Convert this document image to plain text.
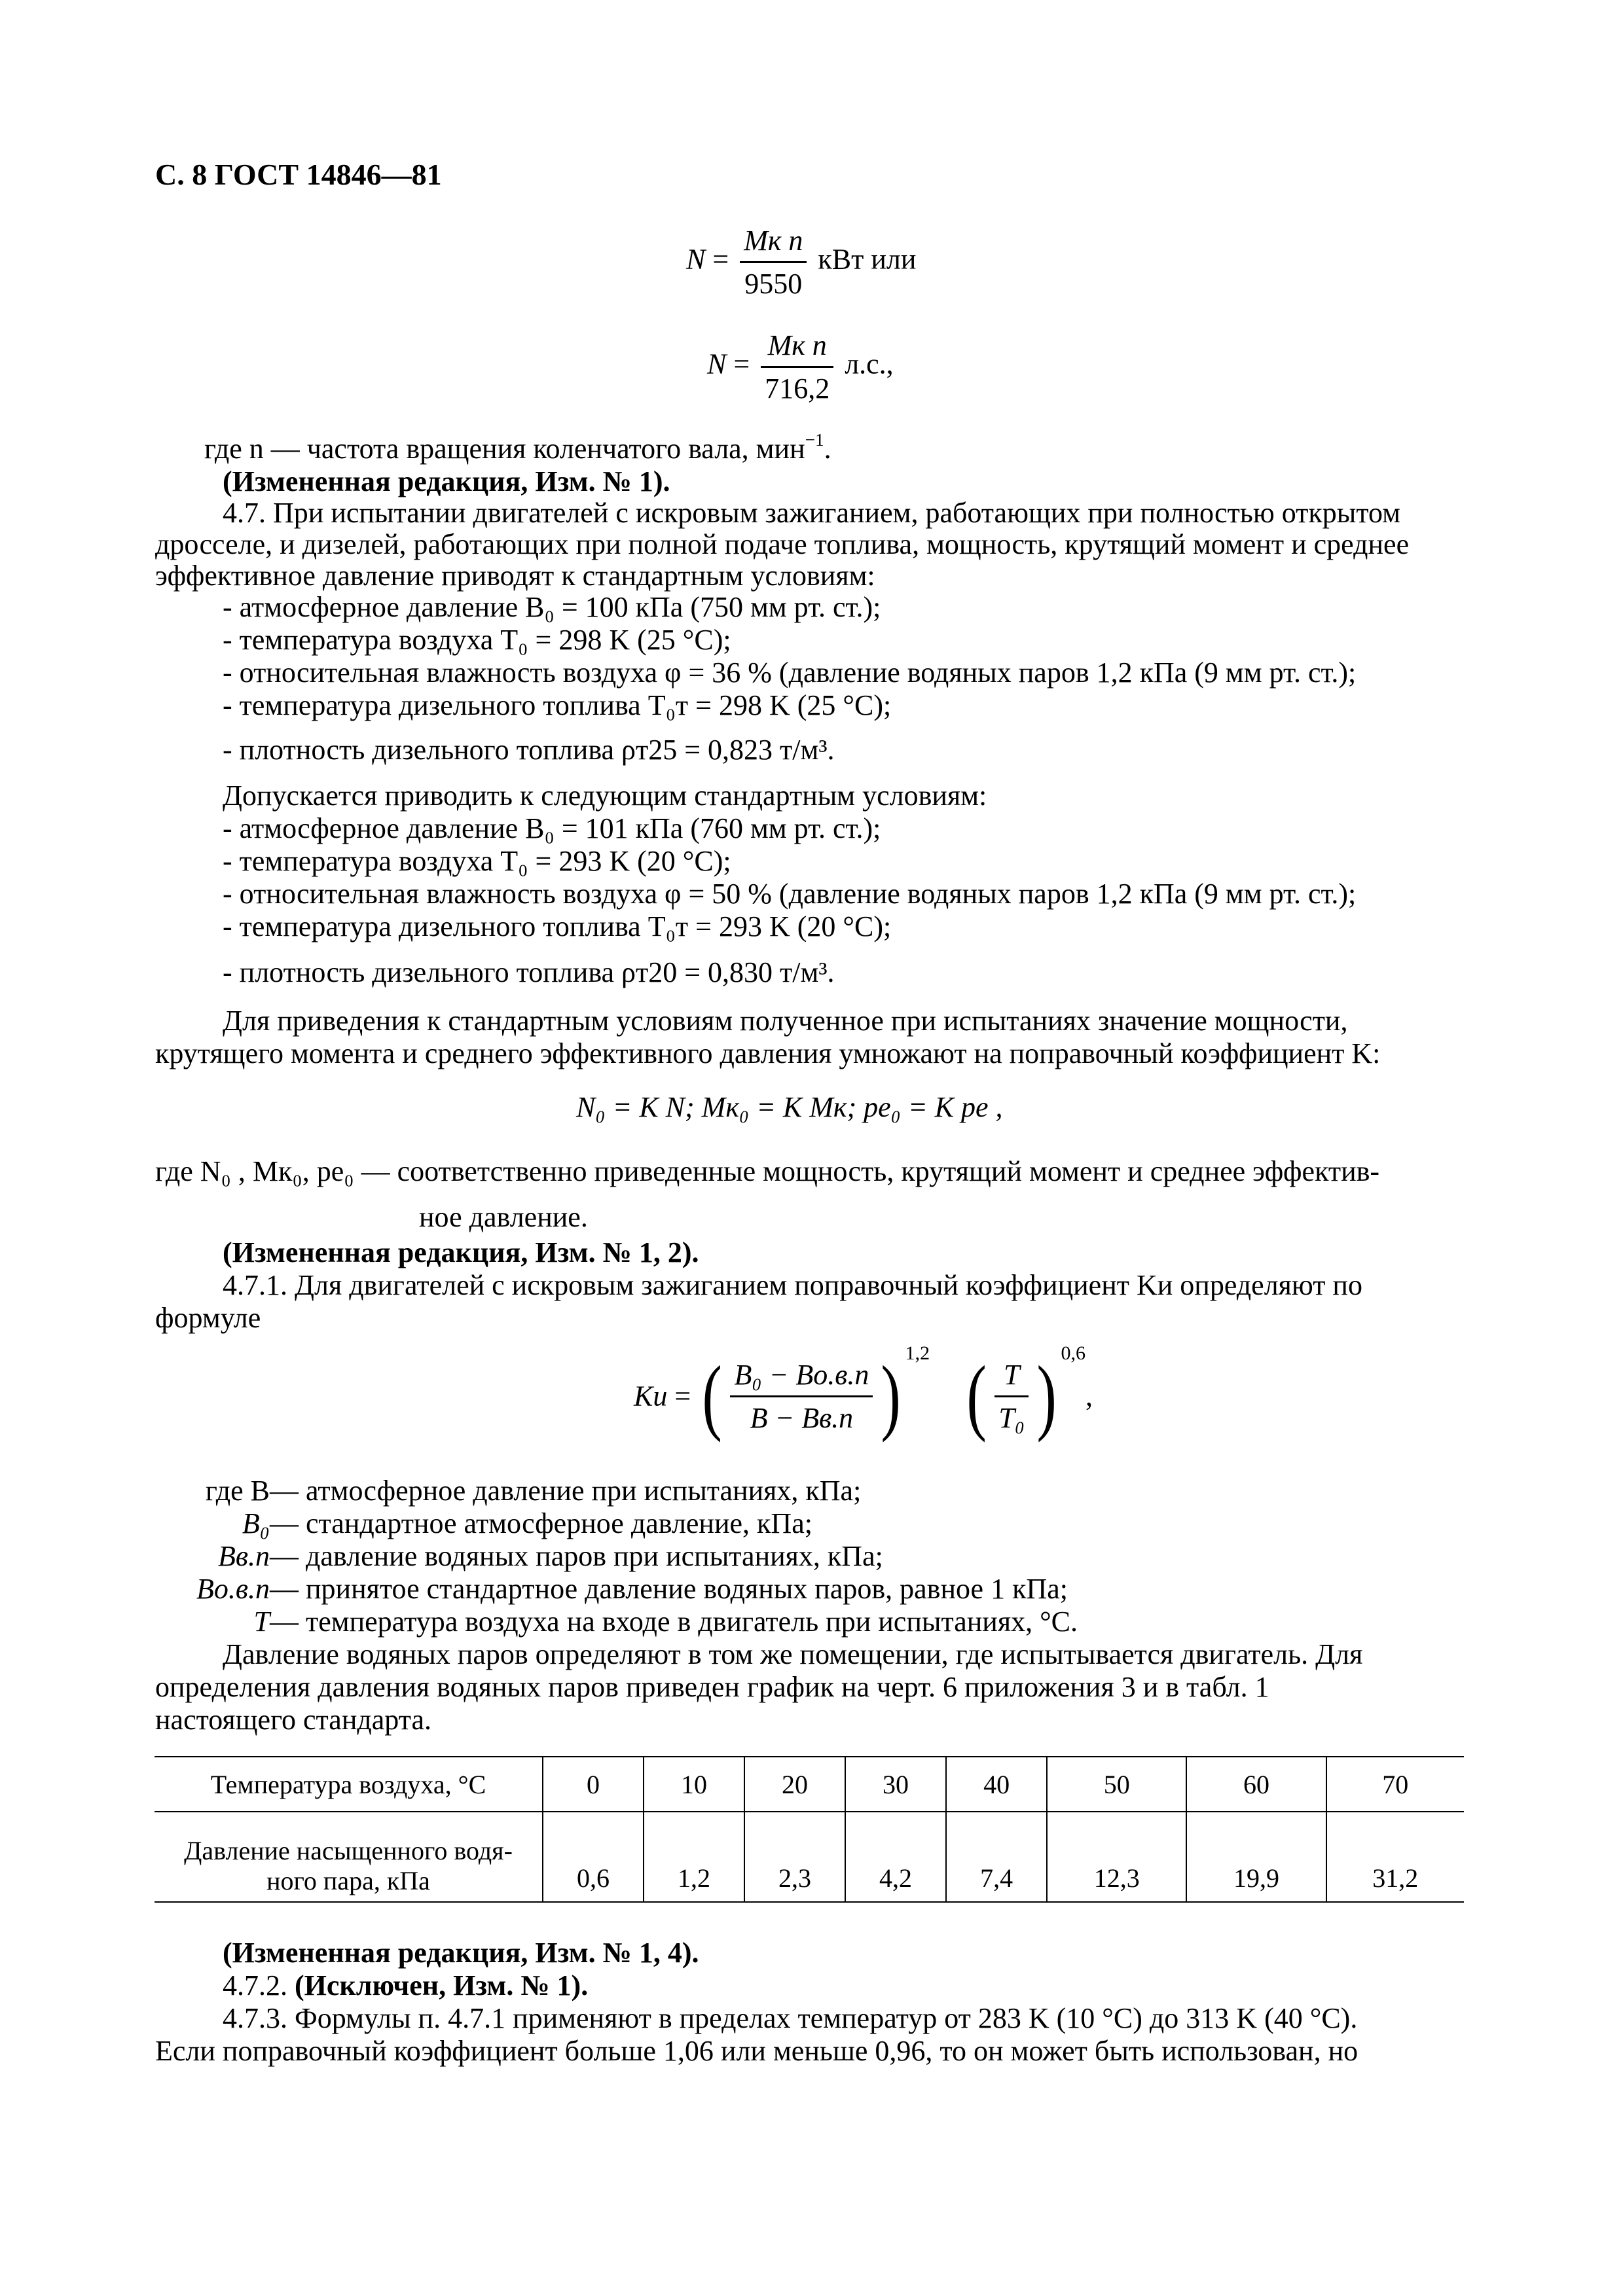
С. 8 ГОСТ 14846—81
$N = \frac{\text{Mк n}}{9550}$ кВт или
$N = \frac{\text{Mк n}}{716,2} л.с$.,
где n — частота вращения коленчатого вала, мин$^{-1}$.
(Измененная редакция, Изм. № 1).
4.7. При испытании двигателей с искровым зажиганием, работающих при полностью открытом
дросселе, и дизелей, работающих при полной подаче топлива, мощность, крутящий момент и среднее
эффективное давление приводят к стандартным условиям:
- атмосферное давление B₀ = 100 кПа (750 мм рт. ст.);
- температура воздуха T₀ = 298 K (25 °C);
- относительная влажность воздуха φ = 36 % (давление водяных паров 1,2 кПа (9 мм рт. ст.);
- температура дизельного топлива T₀т = 298 K (25 °C);
- плотность дизельного топлива ρт25 = 0,823 т/м³.
Допускается приводить к следующим стандартным условиям:
- атмосферное давление B₀ = 101 кПа (760 мм рт. ст.);
- температура воздуха T₀ = 293 K (20 °C);
- относительная влажность воздуха φ = 50 % (давление водяных паров 1,2 кПа (9 мм рт. ст.);
- температура дизельного топлива T₀т = 293 K (20 °C);
- плотность дизельного топлива ρт20 = 0,830 т/м³.
Для приведения к стандартным условиям полученное при испытаниях значение мощности,
крутящего момента и среднего эффективного давления умножают на поправочный коэффициент K:
N₀ = K N; Mк₀ = K Mк; pe₀ = K pe ,
где N₀ , Mк₀, pe₀ — соответственно приведенные мощность, крутящий момент и среднее эффектив-
ное давление.
(Измененная редакция, Изм. № 1, 2).
4.7.1. Для двигателей с искровым зажиганием поправочный коэффициент Kи определяют по
формуле
Kи = ( $\frac{\text{B₀ − Bо.в.п}}{B - Bв.п}$ ) $^{1,2}$ ( $\frac{T}{\text{T₀}}$ ) $^{0,6}$,
где B — атмосферное давление при испытаниях, кПа;
B₀ — стандартное атмосферное давление, кПа;
Bв.п — давление водяных паров при испытаниях, кПа;
Bо.в.п — принятое стандартное давление водяных паров, равное 1 кПа;
T — температура воздуха на входе в двигатель при испытаниях, °C.
Давление водяных паров определяют в том же помещении, где испытывается двигатель. Для
определения давления водяных паров приведен график на черт. 6 приложения 3 и в табл. 1
настоящего стандарта.
Температура воздуха, °C	0	10	20	30	40	50	60	70
Давление насыщенного водя-
ного пара, кПа	0,6	1,2	2,3	4,2	7,4	12,3	19,9	31,2
(Измененная редакция, Изм. № 1, 4).
4.7.2. (Исключен, Изм. № 1).
4.7.3. Формулы п. 4.7.1 применяют в пределах температур от 283 K (10 °C) до 313 K (40 °C).
Если поправочный коэффициент больше 1,06 или меньше 0,96, то он может быть использован, но
